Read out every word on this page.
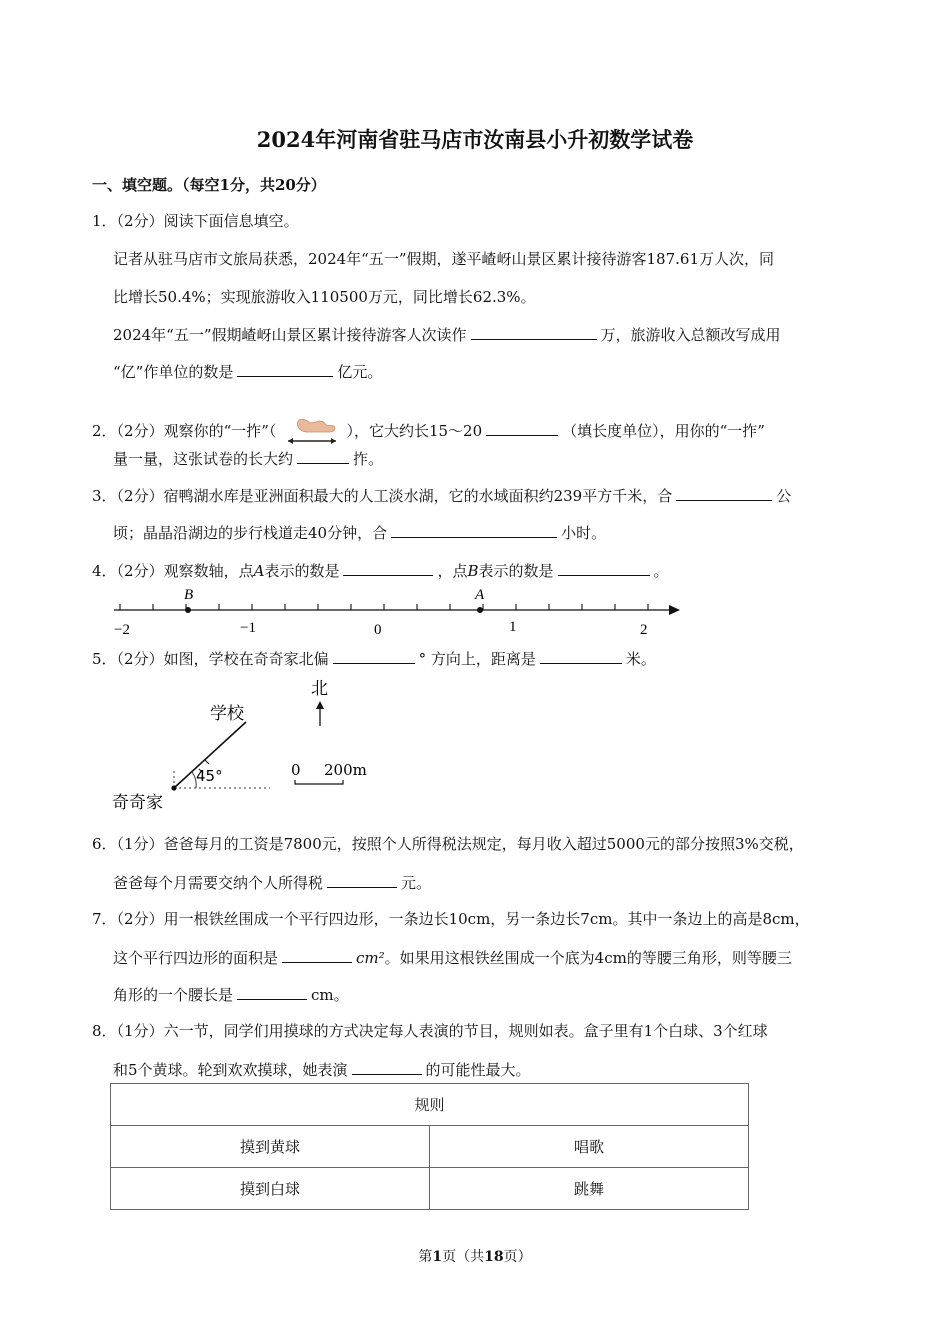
2024年河南省驻马店市汝南县小升初数学试卷
一、填空题。（每空1分，共20分）
1．（2分）阅读下面信息填空。
记者从驻马店市文旅局获悉，2024年“五一”假期，遂平嵖岈山景区累计接待游客187.61万人次，同
比增长50.4%；实现旅游收入110500万元，同比增长62.3%。
2024年“五一”假期嵖岈山景区累计接待游客人次读作	万，旅游收入总额改写成用
“亿”作单位的数是	亿元。
2．（2分）观察你的“一拃”（	），它大约长15～20	（填长度单位），用你的“一拃”
量一量，这张试卷的长大约	拃。
3．（2分）宿鸭湖水库是亚洲面积最大的人工淡水湖，它的水域面积约239平方千米，合	公
顷；晶晶沿湖边的步行栈道走40分钟，合	小时。
4．（2分）观察数轴，点A表示的数是	，点B表示的数是	。
B	A
−2	−1	0	1	2
5．（2分）如图，学校在奇奇家北偏	° 方向上，距离是	米。
45°
学校
奇奇家
北
0 200m
6．（1分）爸爸每月的工资是7800元，按照个人所得税法规定，每月收入超过5000元的部分按照3%交税，
爸爸每个月需要交纳个人所得税	元。
7．（2分）用一根铁丝围成一个平行四边形，一条边长10cm，另一条边长7cm。其中一条边上的高是8cm，
这个平行四边形的面积是	cm²。如果用这根铁丝围成一个底为4cm的等腰三角形，则等腰三
角形的一个腰长是	cm。
8．（1分）六一节，同学们用摸球的方式决定每人表演的节目，规则如表。盒子里有1个白球、3个红球
和5个黄球。轮到欢欢摸球，她表演	的可能性最大。
规则	
摸到黄球	唱歌
摸到白球	跳舞
第1页（共18页）
